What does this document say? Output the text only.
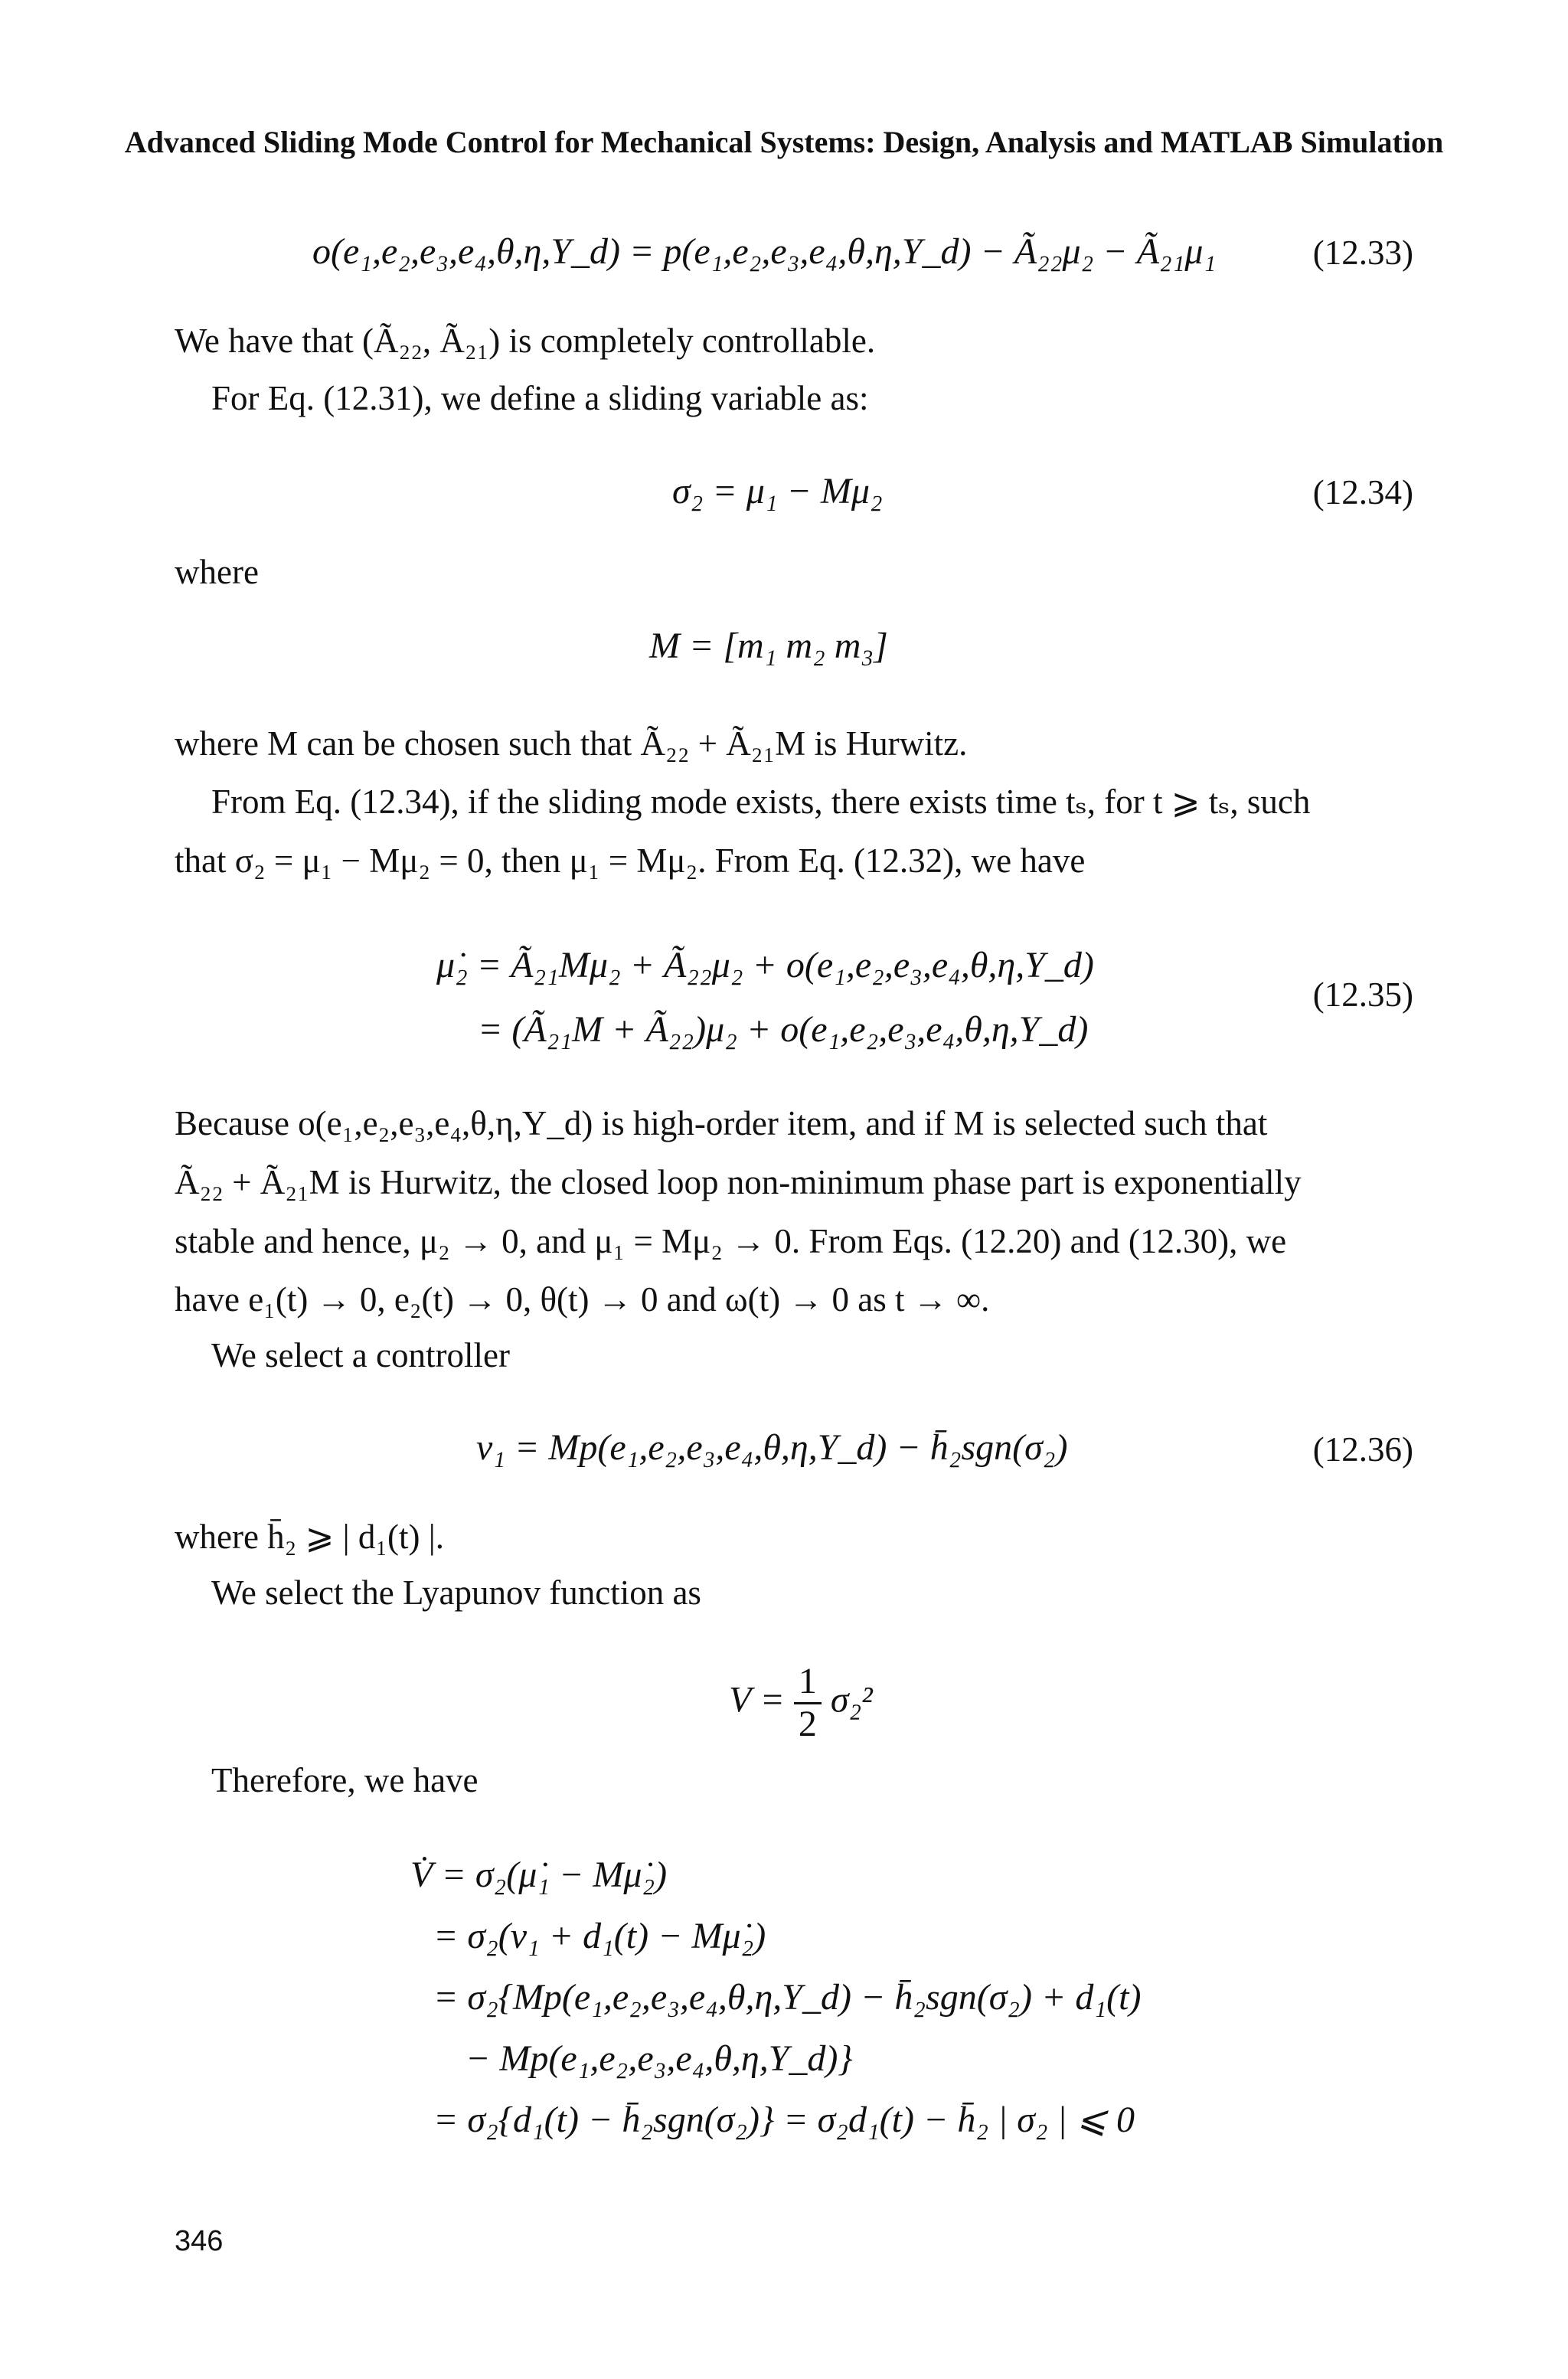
Advanced Sliding Mode Control for Mechanical Systems: Design, Analysis and MATLAB Simulation
o(e₁,e₂,e₃,e₄,θ,η,Y_d) = p(e₁,e₂,e₃,e₄,θ,η,Y_d) − Ã₂₂μ₂ − Ã₂₁μ₁	(12.33)
We have that (Ã₂₂, Ã₂₁) is completely controllable.
For Eq. (12.31), we define a sliding variable as:
σ₂ = μ₁ − Mμ₂	(12.34)
where
M = [m₁ m₂ m₃]
where M can be chosen such that Ã₂₂ + Ã₂₁M is Hurwitz.
From Eq. (12.34), if the sliding mode exists, there exists time tₛ, for t ⩾ tₛ, such
that σ₂ = μ₁ − Mμ₂ = 0, then μ₁ = Mμ₂. From Eq. (12.32), we have
μ̇₂ = Ã₂₁Mμ₂ + Ã₂₂μ₂ + o(e₁,e₂,e₃,e₄,θ,η,Y_d)
= (Ã₂₁M + Ã₂₂)μ₂ + o(e₁,e₂,e₃,e₄,θ,η,Y_d)
(12.35)
Because o(e₁,e₂,e₃,e₄,θ,η,Y_d) is high-order item, and if M is selected such that
Ã₂₂ + Ã₂₁M is Hurwitz, the closed loop non-minimum phase part is exponentially
stable and hence, μ₂ → 0, and μ₁ = Mμ₂ → 0. From Eqs. (12.20) and (12.30), we
have e₁(t) → 0, e₂(t) → 0, θ(t) → 0 and ω(t) → 0 as t → ∞.
We select a controller
v₁ = Mp(e₁,e₂,e₃,e₄,θ,η,Y_d) − h̄₂sgn(σ₂)	(12.36)
where h̄₂ ⩾ | d₁(t) |.
We select the Lyapunov function as
$V = \frac{1}{2} \sigma_2^2$
Therefore, we have
V̇ = σ₂(μ̇₁ − Mμ̇₂)
= σ₂(v₁ + d₁(t) − Mμ̇₂)
= σ₂{Mp(e₁,e₂,e₃,e₄,θ,η,Y_d) − h̄₂sgn(σ₂) + d₁(t)
− Mp(e₁,e₂,e₃,e₄,θ,η,Y_d)}
= σ₂{d₁(t) − h̄₂sgn(σ₂)} = σ₂d₁(t) − h̄₂ | σ₂ | ⩽ 0
346
